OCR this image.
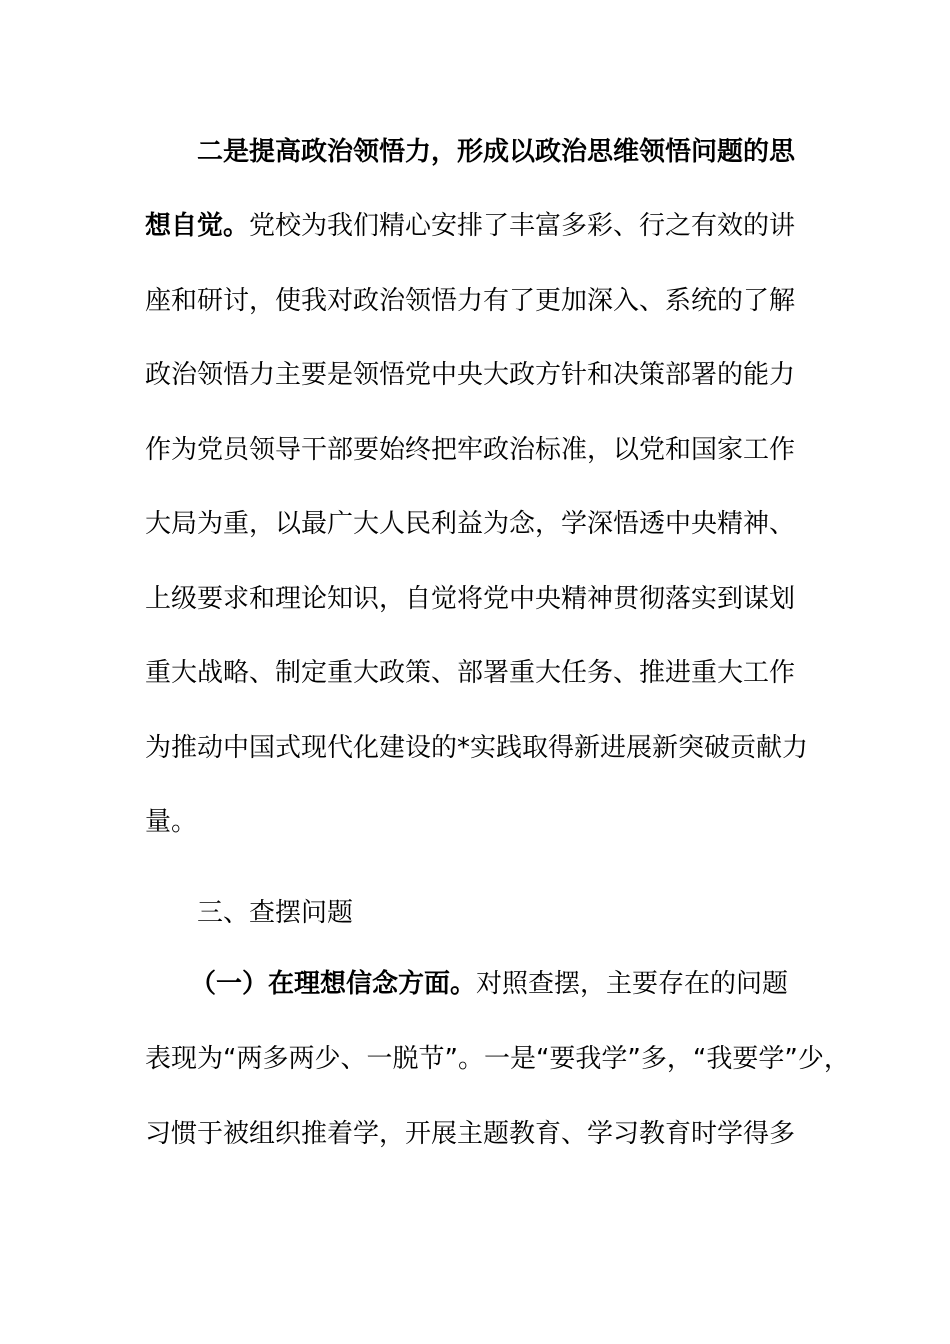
二是提高政治领悟力，形成以政治思维领悟问题的思
想自觉。党校为我们精心安排了丰富多彩、行之有效的讲
座和研讨，使我对政治领悟力有了更加深入、系统的了解
政治领悟力主要是领悟党中央大政方针和决策部署的能力
作为党员领导干部要始终把牢政治标准，以党和国家工作
大局为重，以最广大人民利益为念，学深悟透中央精神、
上级要求和理论知识，自觉将党中央精神贯彻落实到谋划
重大战略、制定重大政策、部署重大任务、推进重大工作
为推动中国式现代化建设的*实践取得新进展新突破贡献力
量。
三、查摆问题
（一）在理想信念方面。对照查摆，主要存在的问题
表现为“两多两少、一脱节”。一是“要我学”多，“我要学”少，
习惯于被组织推着学，开展主题教育、学习教育时学得多
